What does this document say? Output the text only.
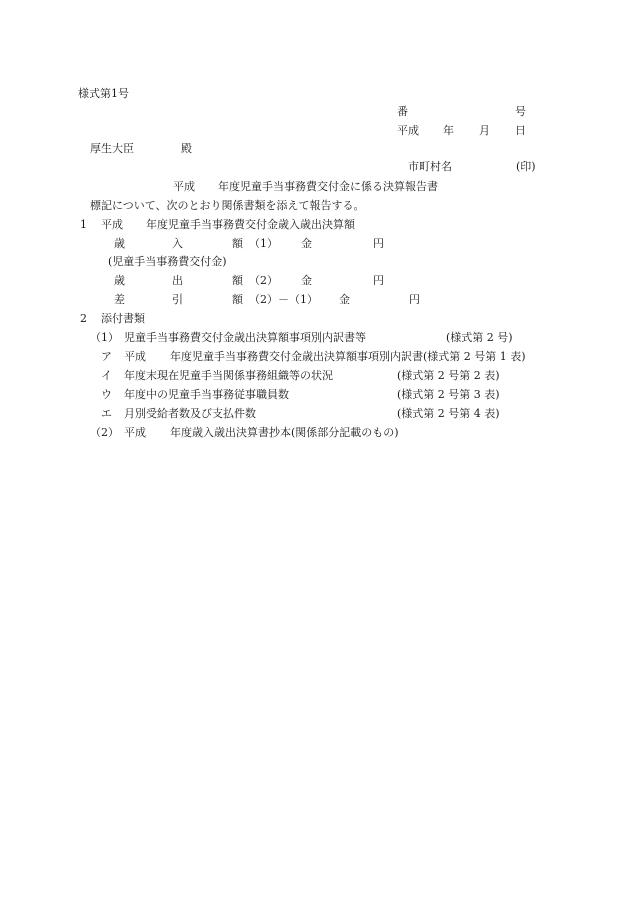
様式第1号
番	号
平成 年 月 日
厚生大臣	殿
市町村名	(印)
平成 年度児童手当事務費交付金に係る決算報告書
標記について、次のとおり関係書類を添えて報告する。
1 平成 年度児童手当事務費交付金歳入歳出決算額
歳	入	額 （1） 金	円
(児童手当事務費交付金)
歳	出	額 （2） 金	円
差	引	額 （2）－（1） 金	円
2 添付書類
（1） 児童手当事務費交付金歳出決算額事項別内訳書等	(様式第 2 号)
ア 平成 年度児童手当事務費交付金歳出決算額事項別内訳書(様式第 2 号第 1 表)
イ 年度末現在児童手当関係事務組織等の状況	(様式第 2 号第 2 表)
ウ 年度中の児童手当事務従事職員数	(様式第 2 号第 3 表)
エ 月別受給者数及び支払件数	(様式第 2 号第 4 表)
（2） 平成 年度歳入歳出決算書抄本(関係部分記載のもの)
